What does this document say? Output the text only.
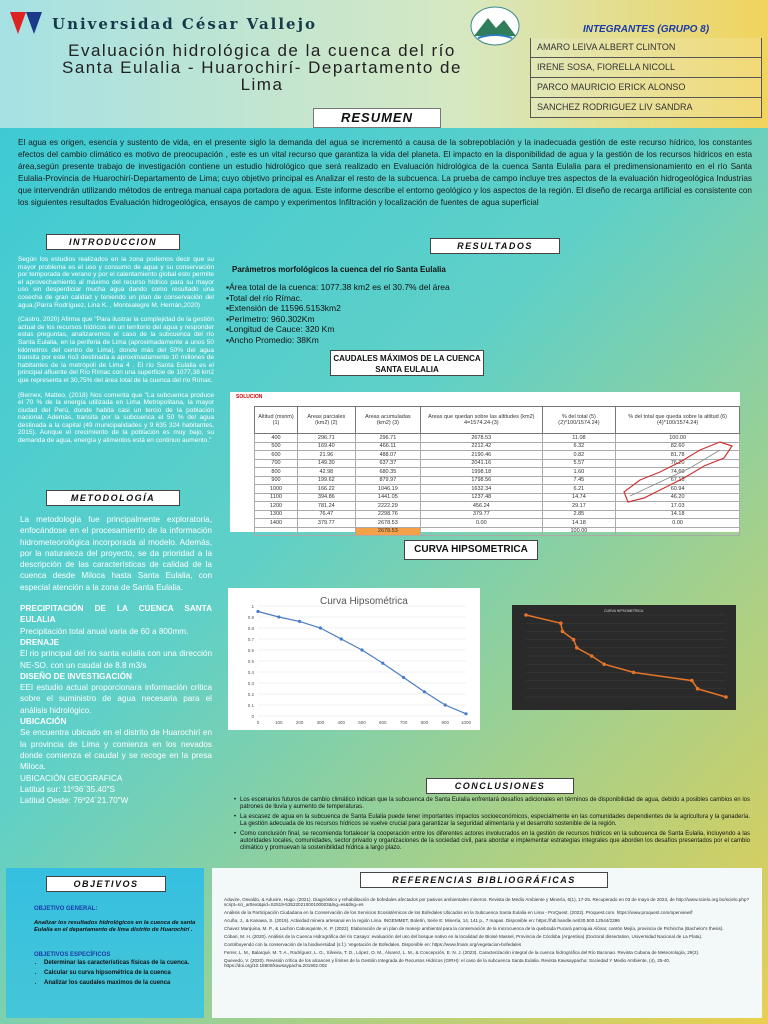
Universidad César Vallejo
Evaluación hidrológica de la cuenca del río Santa Eulalia - Huarochirí- Departamento de Lima
INTEGRANTES (GRUPO 8)
AMARO LEIVA ALBERT CLINTON
IRENE SOSA, FIORELLA NICOLL
PARCO MAURICIO ERICK ALONSO
SANCHEZ RODRIGUEZ LIV SANDRA
RESUMEN
El agua es origen, esencia y sustento de vida, en el presente siglo la demanda del agua se incrementó a causa de la sobrepoblación y la inadecuada gestión de este recurso hídrico, los constantes efectos del cambio climático es motivo de preocupación , este es un vital recurso que garantiza la vida del planeta. El impacto en la disponibilidad de agua y la gestión de los recursos hídricos en esta área,según presente trabajo de investigación contiene un estudio hidrológico que será realizado en Evaluación hidrológica de la cuenca Santa Eulalia para el predimensionamiento en el río Santa Eulalia-Provincia de Huarochirí-Departamento de Lima; cuyo objetivo principal es Analizar el resto de la subcuenca. La prueba de campo incluye tres aspectos de la evaluación hidrogeológica Industrias que intervendrán utilizando métodos de entrega manual capa portadora de agua. Este informe describe el entorno geológico y los aspectos de la región. El diseño de recarga artificial es consistente con los siguientes resultados Evaluación hidrogeológica, ensayos de campo y experimentos Infiltración y localización de fuentes de agua superficial
INTRODUCCION

Según los estudios realizados en la zona podemos decir que su mayor problema es el uso y consumo de agua y su conservación por temporada de verano y por el calentamiento global esto permite el aprovechamiento al máximo del recurso hídrico para su mayor uso sin desperdiciar mucha agua dando como resultado una cosecha de gran calidad y teniendo un plan de conservación del agua.(Parra Rodríguez, Lina K. , Montealegre M, Hernán,2020)

(Castro, 2020) Afirma que "Para ilustrar la complejidad de la gestión actual de los recursos hídricos en un territorio del agua y responder estas preguntas, analizaremos el caso de la subcuenca del río Santa Eulalia, en la periferia de Lima (aproximadamente a unos 50 kilómetros del centro de Lima), donde más del 50% del agua transita por este río3 destinada a aproximadamente 10 millones de habitantes de la metrópoli de Lima 4 . El río Santa Eulalia es el principal afluente del Río Rímac con una superficie de 1077,38 km2 que representa el 30,75% del área total de la cuenca del río Rímac.

(Bernex, Matteo, (2018) Nos comenta que "La subcuenca produce el 70 % de la energía utilizada en Lima Metropolitana, la mayor ciudad del Perú, donde habita casi un tercio de la población nacional. Además, transita por la subcuenca el 50 % del agua destinada a la capital (49 municipalidades y 9 635 324 habitantes, 2015). Aunque el crecimiento de la población es muy bajo, su demanda de agua, energía y alimentos está en continuo aumento."

METODOLOGÍA
La metodología fue principalmente exploratoria, enfocándose en el procesamiento de la información hidrometeorológica incorporada al modelo. Además, por la naturaleza del proyecto, se da prioridad a la descripción de las características de calidad de la cuenca desde Miloca hasta Santa Eulalia, con especial atención a la zona de Santa Eulalia.
PRECIPITACIÓN DE LA CUENCA SANTA EULALIA
Precipitación total anual varia de 60 a 800mm.
DRENAJE
El rio principal del rio santa eulalia con una dirección NE-SO. con un caudal de 8.8 m3/s
DISEÑO DE INVESTIGACIÓN
EEI estudio actual proporcionara información critica sobre el suministro de agua necesaria para el análisis hidrológico.
UBICACIÓN
Se encuentra ubicado en el distrito de Huarochirí en la provincia de Lima y comienza en los nevados donde comienza el caudal y se recoge en la presa Miloca.
UBICACIÓN GEOGRAFICA
Latitud sur: 11º36´35.40"S
Latitud Oeste: 76º24´21.70"W
RESULTADOS
Parámetros morfológicos la cuenca del río Santa Eulalia
▪Área total de la cuenca: 1077.38 km2 es el 30.7% del área
▪Total del río Rímac.
▪Extensión de 11596.5153km2
▪Perímetro: 960.302Km
▪Longitud de Cauce: 320 Km
▪Ancho Promedio: 38Km
CAUDALES MÁXIMOS DE LA CUENCA SANTA EULALIA
SOLUCION
Altitud (msnm) (1)	Areas parciales (km2) (2)	Areas acumuladas (km2) (3)	Areas que quedan sobre las altitudes (km2) 4=1574.24-(3)	% del total (5) (2)*100/1574.24)	% del total que queda sobre la altitud (6) (4)*100/1574.24)
400	296.71	296.71	2678.53	11.08	100.00
500	169.40	466.11	2212.42	6.32	82.60
600	21.96	488.07	2190.46	0.82	81.78
700	149.30	637.37	2041.16	5.57	76.20
800	42.98	680.35	1998.18	1.60	74.60
900	199.62	879.97	1798.56	7.45	67.15
1000	166.22	1046.19	1632.34	6.21	60.94
1100	394.86	1441.05	1237.48	14.74	46.20
1200	781.24	2222.29	456.24	29.17	17.03
1300	76.47	2298.76	379.77	2.85	14.18
1400	379.77	2678.53	0.00	14.18	0.00
		2678.53		100.00	
CURVA HIPSOMETRICA
Curva Hipsométrica
0
0.1
0.2
0.3
0.4
0.5
0.6
0.7
0.8
0.9
1
0	100	200	300	400	500	600	700	800	900	1000
CURVA HIPSOMETRICA
CONCLUSIONES
• Los escenarios futuros de cambio climático indican que la subcuenca de Santa Eulalia enfrentará desafíos adicionales en términos de disponibilidad de agua, debido a posibles cambios en los patrones de lluvia y aumento de temperaturas.
• La escasez de agua en la subcuenca de Santa Eulalia puede tener importantes impactos socioeconómicos, especialmente en las comunidades dependientes de la agricultura y la ganadería. La gestión adecuada de los recursos hídricos se vuelve crucial para garantizar la seguridad alimentaria y el desarrollo sostenible de la región.
• Como conclusión final, se recomienda fortalecer la cooperación entre los diferentes actores involucrados en la gestión de recursos hídricos en la subcuenca de Santa Eulalia, incluyendo a las autoridades locales, comunidades, sector privado y organizaciones de la sociedad civil, para abordar e implementar estrategias integrales que aborden los desafíos presentados por el cambio climático y promuevan la sostenibilidad hídrica a largo plazo.
OBJETIVOS
OBJETIVO GENERAL:
Analizar los resultados hidrológicos en la cuenca de santa Eulalia en el departamento de lima distrito de Huarochirí .
OBJETIVOS ESPECÍFICOS
• Determinar las características físicas de la cuenca.
• Calcular su curva hipsométrica de la cuenca
• Analizar los caudales maximos de la cuenca
REFERENCIAS BIBLIOGRÁFICAS

Aduvire, Osvaldo, & Aduvire, Hugo. (2021). Diagnóstico y rehabilitación de bofedales afectados por pasivos ambientales mineros. Revista de Medio Ambiente y Minería, 6(1), 17-25. Recuperado en 03 de mayo de 2023, de http://www.scielo.org.bo/scielo.php?script=sci_arttext&pid=S2519-53522021000100003&lng=es&tlng=es

Análisis de la Participación Ciudadana en la Conservación de los Servicios Ecosistémicos de los Bofedales Ubicados en la Subcuenca Santa Eulalia en Lima - ProQuest. (2022). Proquest.com. https://www.proquest.com/openview/f

Acuña, J., & Kanawa, S. (2019). Actividad minera artesanal en la región Lima. INGEMMET, Boletín, Serie E: Minería, 14, 141 p., 7 mapas. Disponible en: https://hdl.handle.net/20.500.12544/2396

Chavez Marquina, M. P., & Lachon Cabusquinte, K. P. (2022). Elaboración de un plan de manejo ambiental para la conservación de la microcuenca de la quebrada Pucará parroquia Alóxar, cantón Mejía, provincia de Pichincha (Bachelor's thesis).

Cóbari, M. H. (2020). Análisis de la Cuenca Hidrográfica del río Casayo: evaluación del uso del bosque nativo en la localidad de Bioisé Massel, Provincia de Córdoba (Argentina) (Doctoral dissertation, Universidad Nacional de La Plata).

Contribuyendo con la conservación de la biodiversidad (s.f.). Vegetación de Bofedales. Disponible en: https://www.fmam.org/vegetacion-bofedales

Ferrer, L. M., Balarqué, M. T. A., Rodríguez, L. G., Silveira, T. D., López, O. M., Álvarez, L. M., & Concepción, E. N. J. (2023). Caracterización integral de la cuenca hidrográfica del Río Baconao. Revista Cubana de Meteorología, 29(2).

Quevedo, V. (2020). Revisión crítica de los alcances y límites de la Gestión Integrada de Recursos Hídricos (GIRH): el caso de la subcuenca Santa Eulalia. Revista Kawsaypacha: Sociedad Y Medio Ambiente, (4), 25-40. https://doi.org/10.18800/kawsaypacha.201902.002
